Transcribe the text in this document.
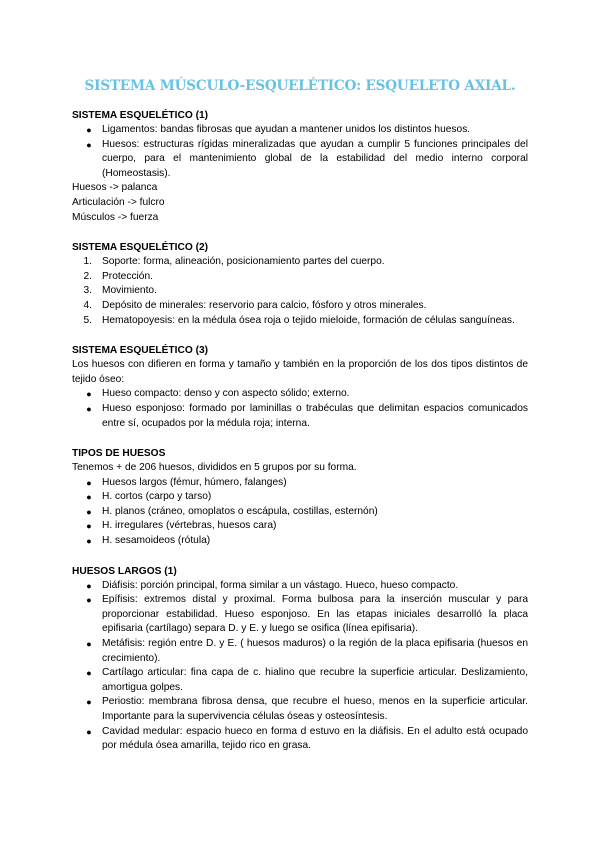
SISTEMA MÚSCULO-ESQUELÉTICO: ESQUELETO AXIAL.

SISTEMA ESQUELÉTICO (1)

●	Ligamentos: bandas fibrosas que ayudan a mantener unidos los distintos huesos.
●	Huesos: estructuras rígidas mineralizadas que ayudan a cumplir 5 funciones principales del cuerpo, para el mantenimiento global de la estabilidad del medio interno corporal (Homeostasis).

Huesos -> palanca

Articulación -> fulcro

Músculos -> fuerza

SISTEMA ESQUELÉTICO (2)

1. Soporte: forma, alineación, posicionamiento partes del cuerpo.
2. Protección.
3. Movimiento.
4. Depósito de minerales: reservorio para calcio, fósforo y otros minerales.
5. Hematopoyesis: en la médula ósea roja o tejido mieloide, formación de células sanguíneas.

SISTEMA ESQUELÉTICO (3)

Los huesos con difieren en forma y tamaño y también en la proporción de los dos tipos distintos de tejido óseo:

●	Hueso compacto: denso y con aspecto sólido; externo.
●	Hueso esponjoso: formado por laminillas o trabéculas que delimitan espacios comunicados entre sí, ocupados por la médula roja; interna.

TIPOS DE HUESOS

Tenemos + de 206 huesos, divididos en 5 grupos por su forma.

●	Huesos largos (fémur, húmero, falanges)
●	H. cortos (carpo y tarso)
●	H. planos (cráneo, omoplatos o escápula, costillas, esternón)
●	H. irregulares (vértebras, huesos cara)
●	H. sesamoideos (rótula)

HUESOS LARGOS (1)

●	Diáfisis: porción principal, forma similar a un vástago. Hueco, hueso compacto.
●	Epífisis: extremos distal y proximal. Forma bulbosa para la inserción muscular y para proporcionar estabilidad. Hueso esponjoso. En las etapas iniciales desarrolló la placa epifisaria (cartílago) separa D. y E. y luego se osifica (línea epifisaria).
●	Metáfisis: región entre D. y E. ( huesos maduros) o la región de la placa epifisaria (huesos en crecimiento).
●	Cartílago articular: fina capa de c. hialino que recubre la superficie articular. Deslizamiento, amortigua golpes.
●	Periostio: membrana fibrosa densa, que recubre el hueso, menos en la superficie articular. Importante para la supervivencia células óseas y osteosíntesis.
●	Cavidad medular: espacio hueco en forma d estuvo en la diáfisis. En el adulto está ocupado por médula ósea amarilla, tejido rico en grasa.
